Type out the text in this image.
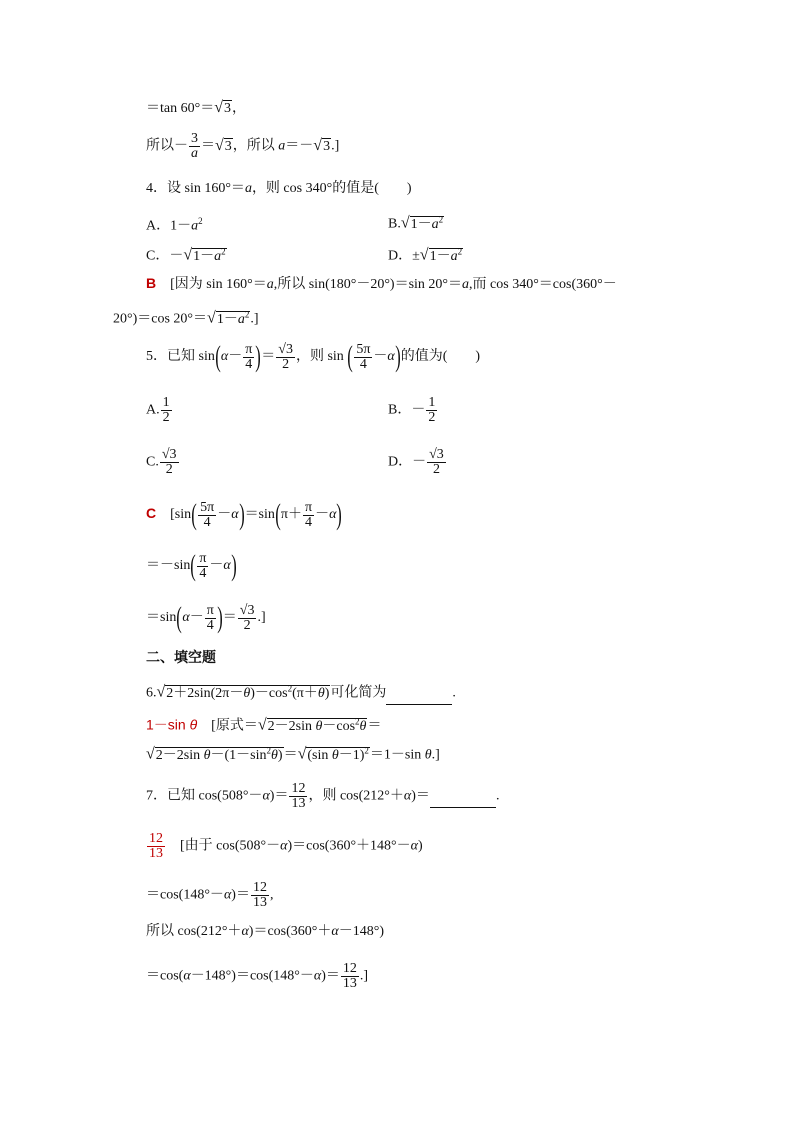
＝tan 60°＝√3，
所以－ $\frac{3}{a} =√3$，所以 a＝－√3.]
4．设 sin 160°＝a，则 cos 340°的值是(　　)
A．$1-a^2$	$B.√1-a^2$
C．$-√1-a^2$	D．$\pm√1-a^2$
B　[因为 sin 160°＝a,所以 sin(180°－20°)＝sin 20°＝a,而 cos 340°＝cos(360°－
20°)＝cos $20^\circ=√1-a^2$.]
5．已知 $\sin(\alpha- \frac{\pi}{4}$ )＝ $\frac{√3}{2}$ ，则 sin ( $\frac{5\pi}{4} -\alpha$)的值为(　　)
A. $\frac{1}{2}$	B．－ $\frac{1}{2}$
C. $\frac{√3}{2}$	D．－ $\frac{√3}{2}$
C　[$\sin( \frac{5\pi}{4} -\alpha)=\sin(\pi+ \frac{\pi}{4} -\alpha)$
$=-\sin( \frac{\pi}{4} -\alpha)$
$=\sin(\alpha- \frac{\pi}{4}$ )＝ $\frac{√3}{2}$ .]
二、填空题
$6.√2+2\sin(2\pi-\theta)-\cos^2(\pi+\theta)$可化简为	.
1－sin θ　[原式＝√2－2sin $\theta-\cos^2\theta=$
√2－2sin $\theta-(1-\sin^2\theta)=√(\sin$ θ－1)$^2$＝1－sin θ.]
7．已知 $\cos(508^\circ-\alpha)= \frac{12}{13}$ ，则 cos(212°＋α)＝	.
$\frac{12}{13}$ 　[由于 cos(508°－α)＝cos(360°＋148°－α)
$=\cos(148^\circ-\alpha)= \frac{12}{13}$ ,
所以 cos(212°＋α)＝cos(360°＋α－148°)
$=\cos(\alpha-148^\circ)=\cos(148^\circ-\alpha)= \frac{12}{13}$ .]
